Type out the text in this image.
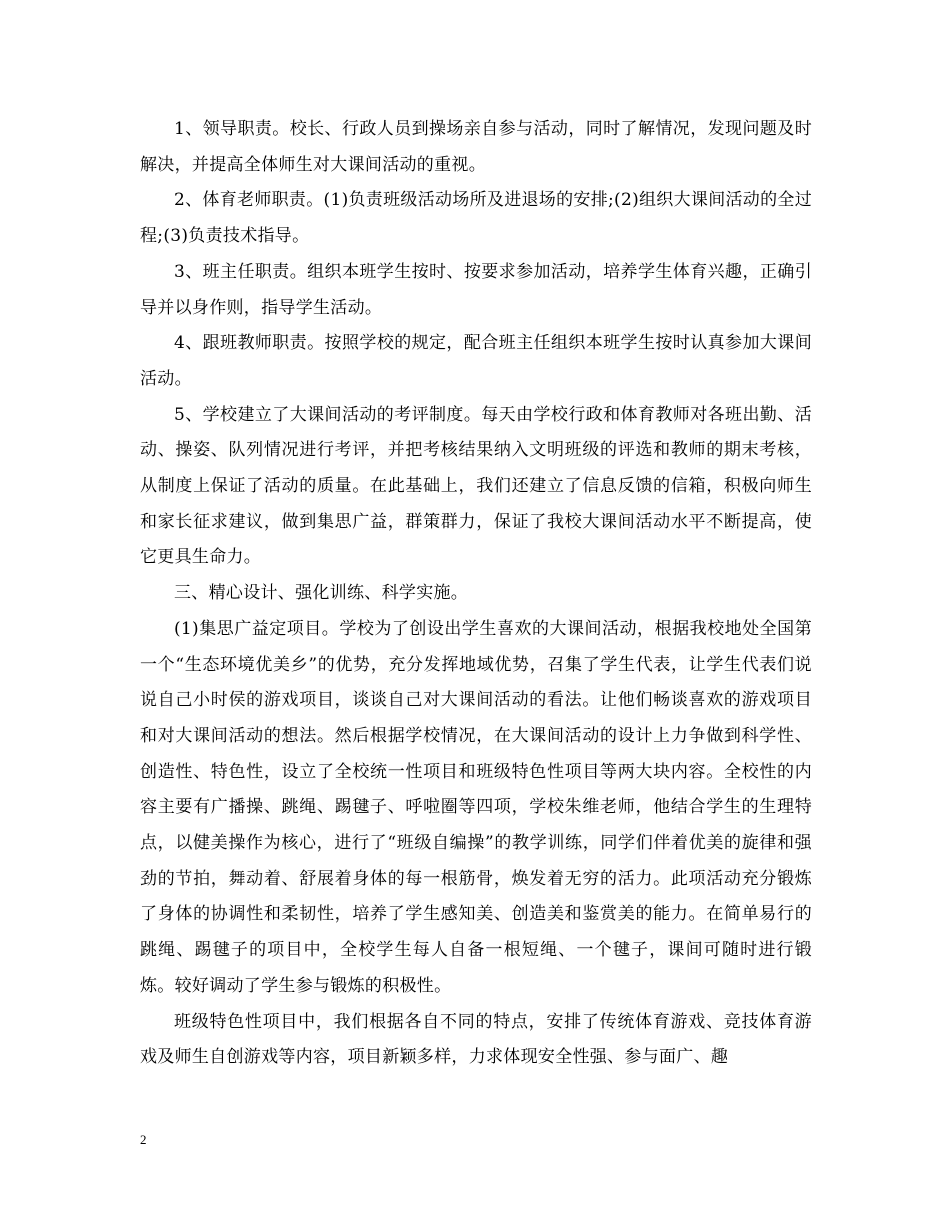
1、领导职责。校长、行政人员到操场亲自参与活动，同时了解情况，发现问题及时解决，并提高全体师生对大课间活动的重视。

2、体育老师职责。(1)负责班级活动场所及进退场的安排;(2)组织大课间活动的全过程;(3)负责技术指导。

3、班主任职责。组织本班学生按时、按要求参加活动，培养学生体育兴趣，正确引导并以身作则，指导学生活动。

4、跟班教师职责。按照学校的规定，配合班主任组织本班学生按时认真参加大课间活动。

5、学校建立了大课间活动的考评制度。每天由学校行政和体育教师对各班出勤、活动、操姿、队列情况进行考评，并把考核结果纳入文明班级的评选和教师的期末考核，从制度上保证了活动的质量。在此基础上，我们还建立了信息反馈的信箱，积极向师生和家长征求建议，做到集思广益，群策群力，保证了我校大课间活动水平不断提高，使它更具生命力。

三、精心设计、强化训练、科学实施。

(1)集思广益定项目。学校为了创设出学生喜欢的大课间活动，根据我校地处全国第一个“生态环境优美乡”的优势，充分发挥地域优势，召集了学生代表，让学生代表们说说自己小时侯的游戏项目，谈谈自己对大课间活动的看法。让他们畅谈喜欢的游戏项目和对大课间活动的想法。然后根据学校情况，在大课间活动的设计上力争做到科学性、创造性、特色性，设立了全校统一性项目和班级特色性项目等两大块内容。全校性的内容主要有广播操、跳绳、踢毽子、呼啦圈等四项，学校朱维老师，他结合学生的生理特点，以健美操作为核心，进行了“班级自编操”的教学训练，同学们伴着优美的旋律和强劲的节拍，舞动着、舒展着身体的每一根筋骨，焕发着无穷的活力。此项活动充分锻炼了身体的协调性和柔韧性，培养了学生感知美、创造美和鉴赏美的能力。在简单易行的跳绳、踢毽子的项目中，全校学生每人自备一根短绳、一个毽子，课间可随时进行锻炼。较好调动了学生参与锻炼的积极性。

班级特色性项目中，我们根据各自不同的特点，安排了传统体育游戏、竞技体育游戏及师生自创游戏等内容，项目新颖多样，力求体现安全性强、参与面广、趣

2
